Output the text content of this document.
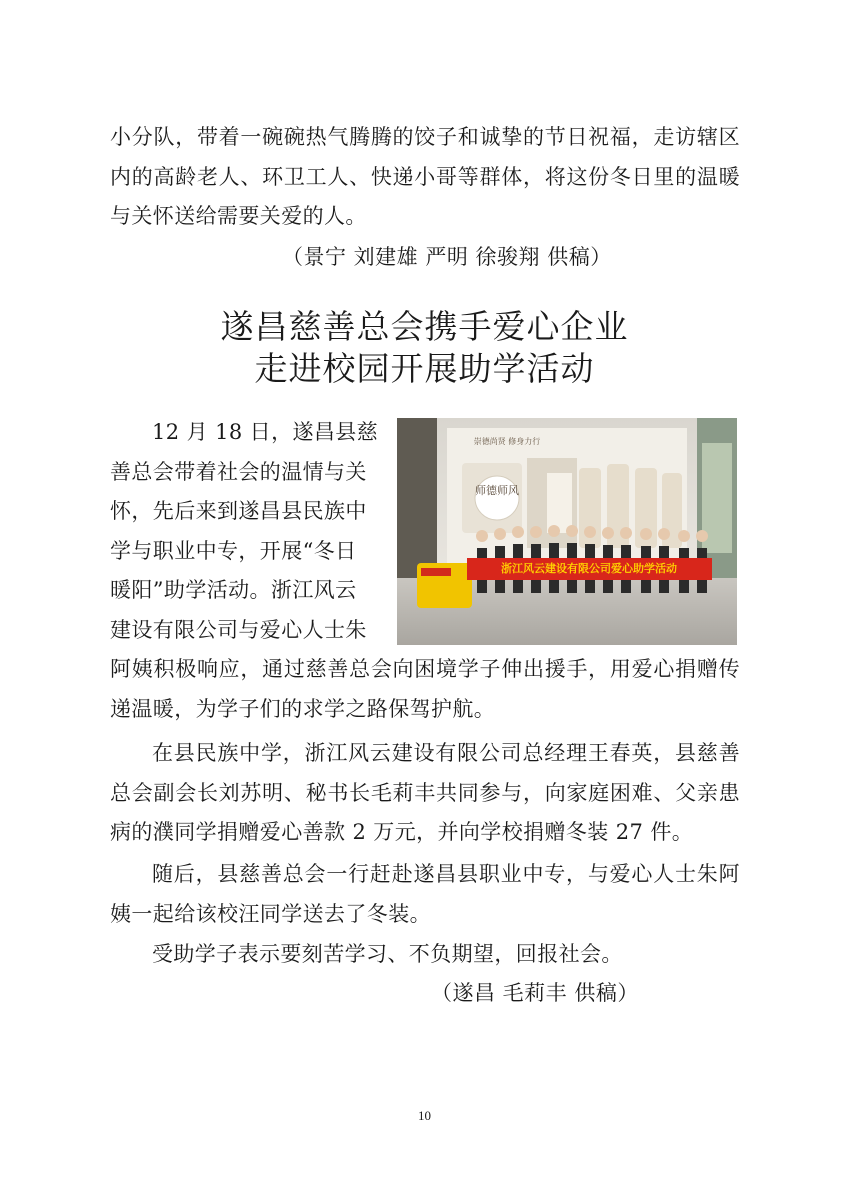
小分队，带着一碗碗热气腾腾的饺子和诚挚的节日祝福，走访辖区内的高龄老人、环卫工人、快递小哥等群体，将这份冬日里的温暖与关怀送给需要关爱的人。

（景宁 刘建雄 严明 徐骏翔 供稿）

遂昌慈善总会携手爱心企业
走进校园开展助学活动
12 月 18 日，遂昌县慈
善总会带着社会的温情与关
怀，先后来到遂昌县民族中
学与职业中专，开展“冬日
暖阳”助学活动。浙江风云
建设有限公司与爱心人士朱
浙江风云建设有限公司爱心助学活动
师德师风
崇德尚贤 修身力行

阿姨积极响应，通过慈善总会向困境学子伸出援手，用爱心捐赠传递温暖，为学子们的求学之路保驾护航。

在县民族中学，浙江风云建设有限公司总经理王春英，县慈善总会副会长刘苏明、秘书长毛莉丰共同参与，向家庭困难、父亲患病的濮同学捐赠爱心善款 2 万元，并向学校捐赠冬装 27 件。

随后，县慈善总会一行赶赴遂昌县职业中专，与爱心人士朱阿姨一起给该校汪同学送去了冬装。

受助学子表示要刻苦学习、不负期望，回报社会。

（遂昌 毛莉丰 供稿）

10
